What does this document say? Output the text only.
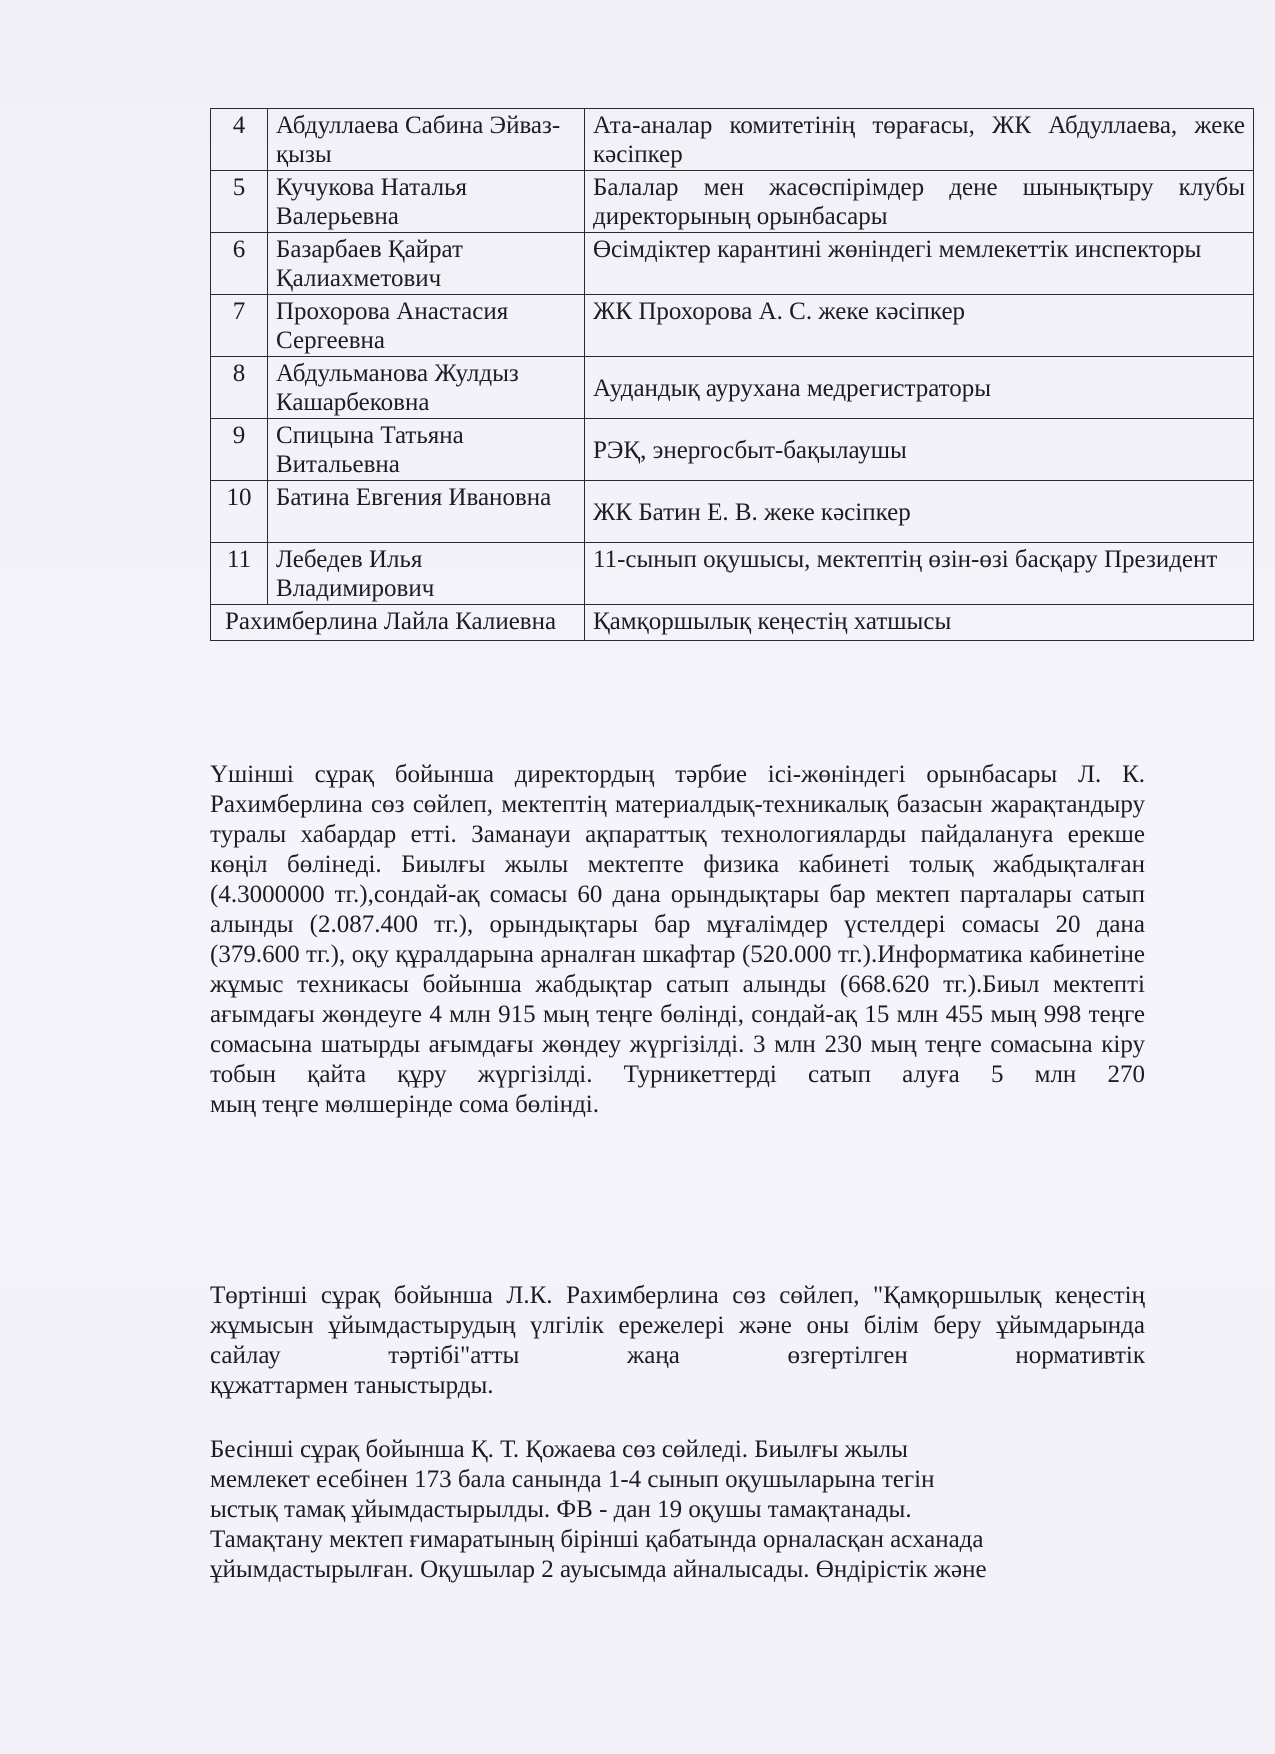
4	Абдуллаева Сабина Эйваз-қызы	Ата-аналар комитетінің төрағасы, ЖК Абдуллаева, жеке кәсіпкер
5	Кучукова Наталья Валерьевна	Балалар мен жасөспірімдер дене шынықтыру клубы директорының орынбасары
6	Базарбаев Қайрат Қалиахметович	Өсімдіктер карантині жөніндегі мемлекеттік инспекторы
7	Прохорова Анастасия Сергеевна	ЖК Прохорова А. С. жеке кәсіпкер
8	Абдульманова Жулдыз Кашарбековна	Аудандық аурухана медрегистраторы
9	Спицына Татьяна Витальевна	РЭҚ, энергосбыт-бақылаушы
10	Батина Евгения Ивановна	ЖК Батин Е. В. жеке кәсіпкер
11	Лебедев Илья Владимирович	11-сынып оқушысы, мектептің өзін-өзі басқару Президент
Рахимберлина Лайла Калиевна		Қамқоршылық кеңестің хатшысы

Үшінші сұрақ бойынша директордың тәрбие ісі-жөніндегі орынбасары Л. К. Рахимберлина сөз сөйлеп, мектептің материалдық-техникалық базасын жарақтандыру туралы хабардар етті. Заманауи ақпараттық технологияларды пайдалануға ерекше көңіл бөлінеді. Биылғы жылы мектепте физика кабинеті толық жабдықталған (4.3000000 тг.),сондай-ақ сомасы 60 дана орындықтары бар мектеп парталары сатып алынды (2.087.400 тг.), орындықтары бар мұғалімдер үстелдері сомасы 20 дана (379.600 тг.), оқу құралдарына арналған шкафтар (520.000 тг.).Информатика кабинетіне жұмыс техникасы бойынша жабдықтар сатып алынды (668.620 тг.).Биыл мектепті ағымдағы жөндеуге 4 млн 915 мың теңге бөлінді, сондай-ақ 15 млн 455 мың 998 теңге сомасына шатырды ағымдағы жөндеу жүргізілді. 3 млн 230 мың теңге сомасына кіру тобын қайта құру жүргізілді. Турникеттерді сатып алуға 5 млн 270
мың теңге мөлшерінде сома бөлінді.

Төртінші сұрақ бойынша Л.К. Рахимберлина сөз сөйлеп, "Қамқоршылық кеңестің жұмысын ұйымдастырудың үлгілік ережелері және оны білім беру ұйымдарында сайлау тәртібі"атты жаңа өзгертілген нормативтік
құжаттармен таныстырды.

Бесінші сұрақ бойынша Қ. Т. Қожаева сөз сөйледі. Биылғы жылы
мемлекет есебінен 173 бала санында 1-4 сынып оқушыларына тегін
ыстық тамақ ұйымдастырылды. ФВ - дан 19 оқушы тамақтанады.
Тамақтану мектеп ғимаратының бірінші қабатында орналасқан асханада
ұйымдастырылған. Оқушылар 2 ауысымда айналысады. Өндірістік және
